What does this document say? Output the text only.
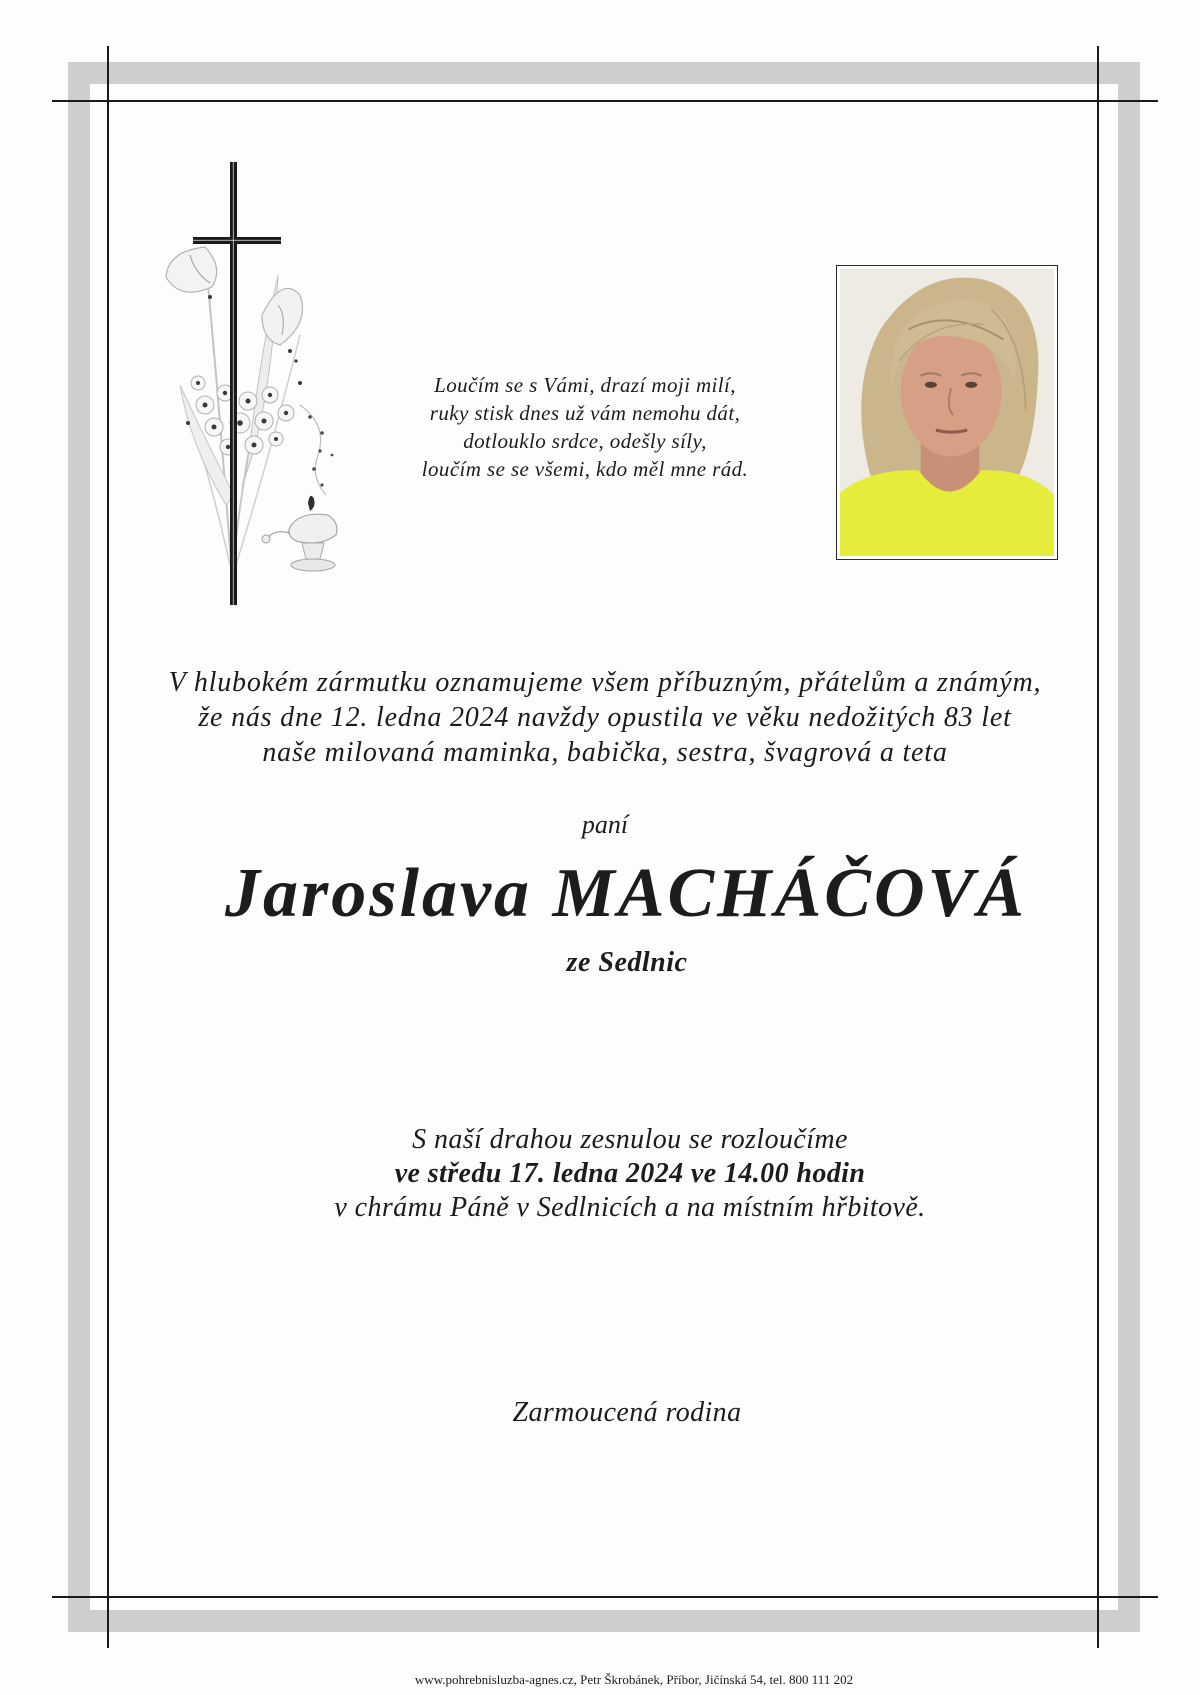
Loučím se s Vámi, drazí moji milí,
ruky stisk dnes už vám nemohu dát,
dotlouklo srdce, odešly síly,
loučím se se všemi, kdo měl mne rád.
V hlubokém zármutku oznamujeme všem příbuzným, přátelům a známým,
že nás dne 12. ledna 2024 navždy opustila ve věku nedožitých 83 let
naše milovaná maminka, babička, sestra, švagrová a teta
paní
Jaroslava MACHÁČOVÁ
ze Sedlnic
S naší drahou zesnulou se rozloučíme
ve středu 17. ledna 2024 ve 14.00 hodin
v chrámu Páně v Sedlnicích a na místním hřbitově.
Zarmoucená rodina
www.pohrebnisluzba-agnes.cz, Petr Škrobánek, Příbor, Jičínská 54, tel. 800 111 202
